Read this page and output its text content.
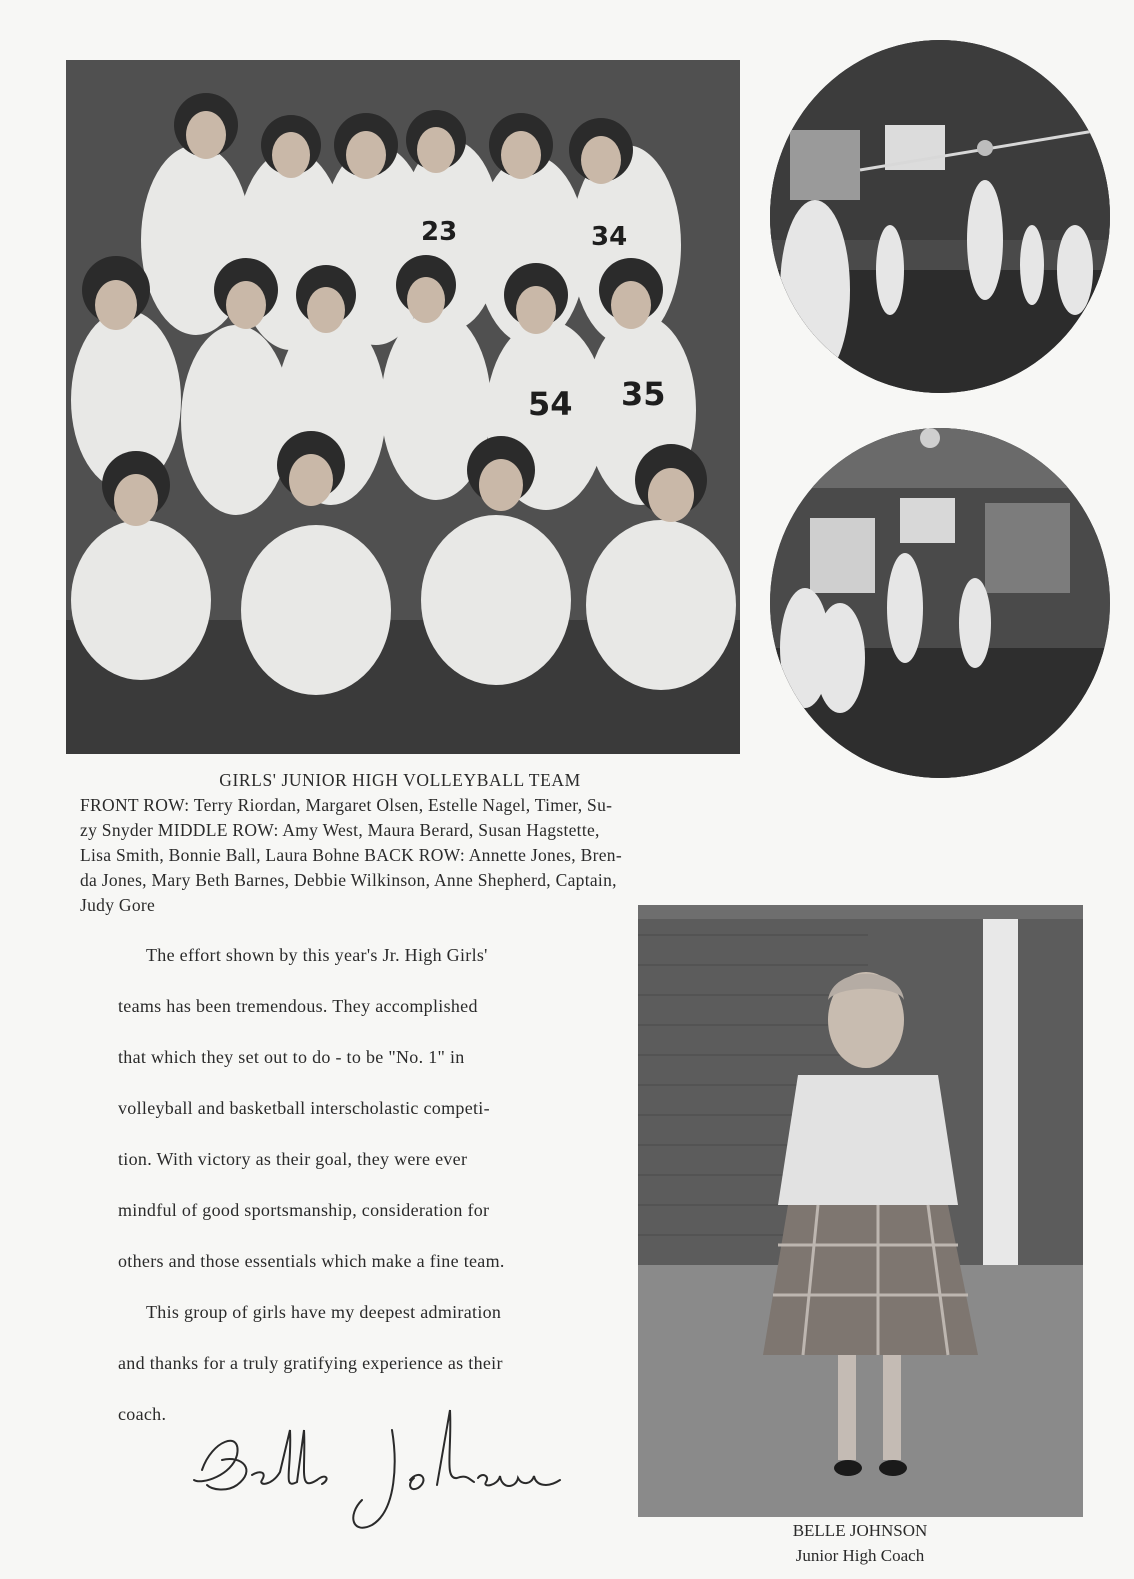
23	34
54 35
GIRLS' JUNIOR HIGH VOLLEYBALL TEAM
FRONT ROW: Terry Riordan, Margaret Olsen, Estelle Nagel, Timer, Su-
zy Snyder MIDDLE ROW: Amy West, Maura Berard, Susan Hagstette,
Lisa Smith, Bonnie Ball, Laura Bohne BACK ROW: Annette Jones, Bren-
da Jones, Mary Beth Barnes, Debbie Wilkinson, Anne Shepherd, Captain,
Judy Gore
The effort shown by this year's Jr. High Girls'
teams has been tremendous. They accomplished
that which they set out to do - to be "No. 1" in
volleyball and basketball interscholastic competi-
tion. With victory as their goal, they were ever
mindful of good sportsmanship, consideration for
others and those essentials which make a fine team.
This group of girls have my deepest admiration
and thanks for a truly gratifying experience as their
coach.
BELLE JOHNSON
Junior High Coach
